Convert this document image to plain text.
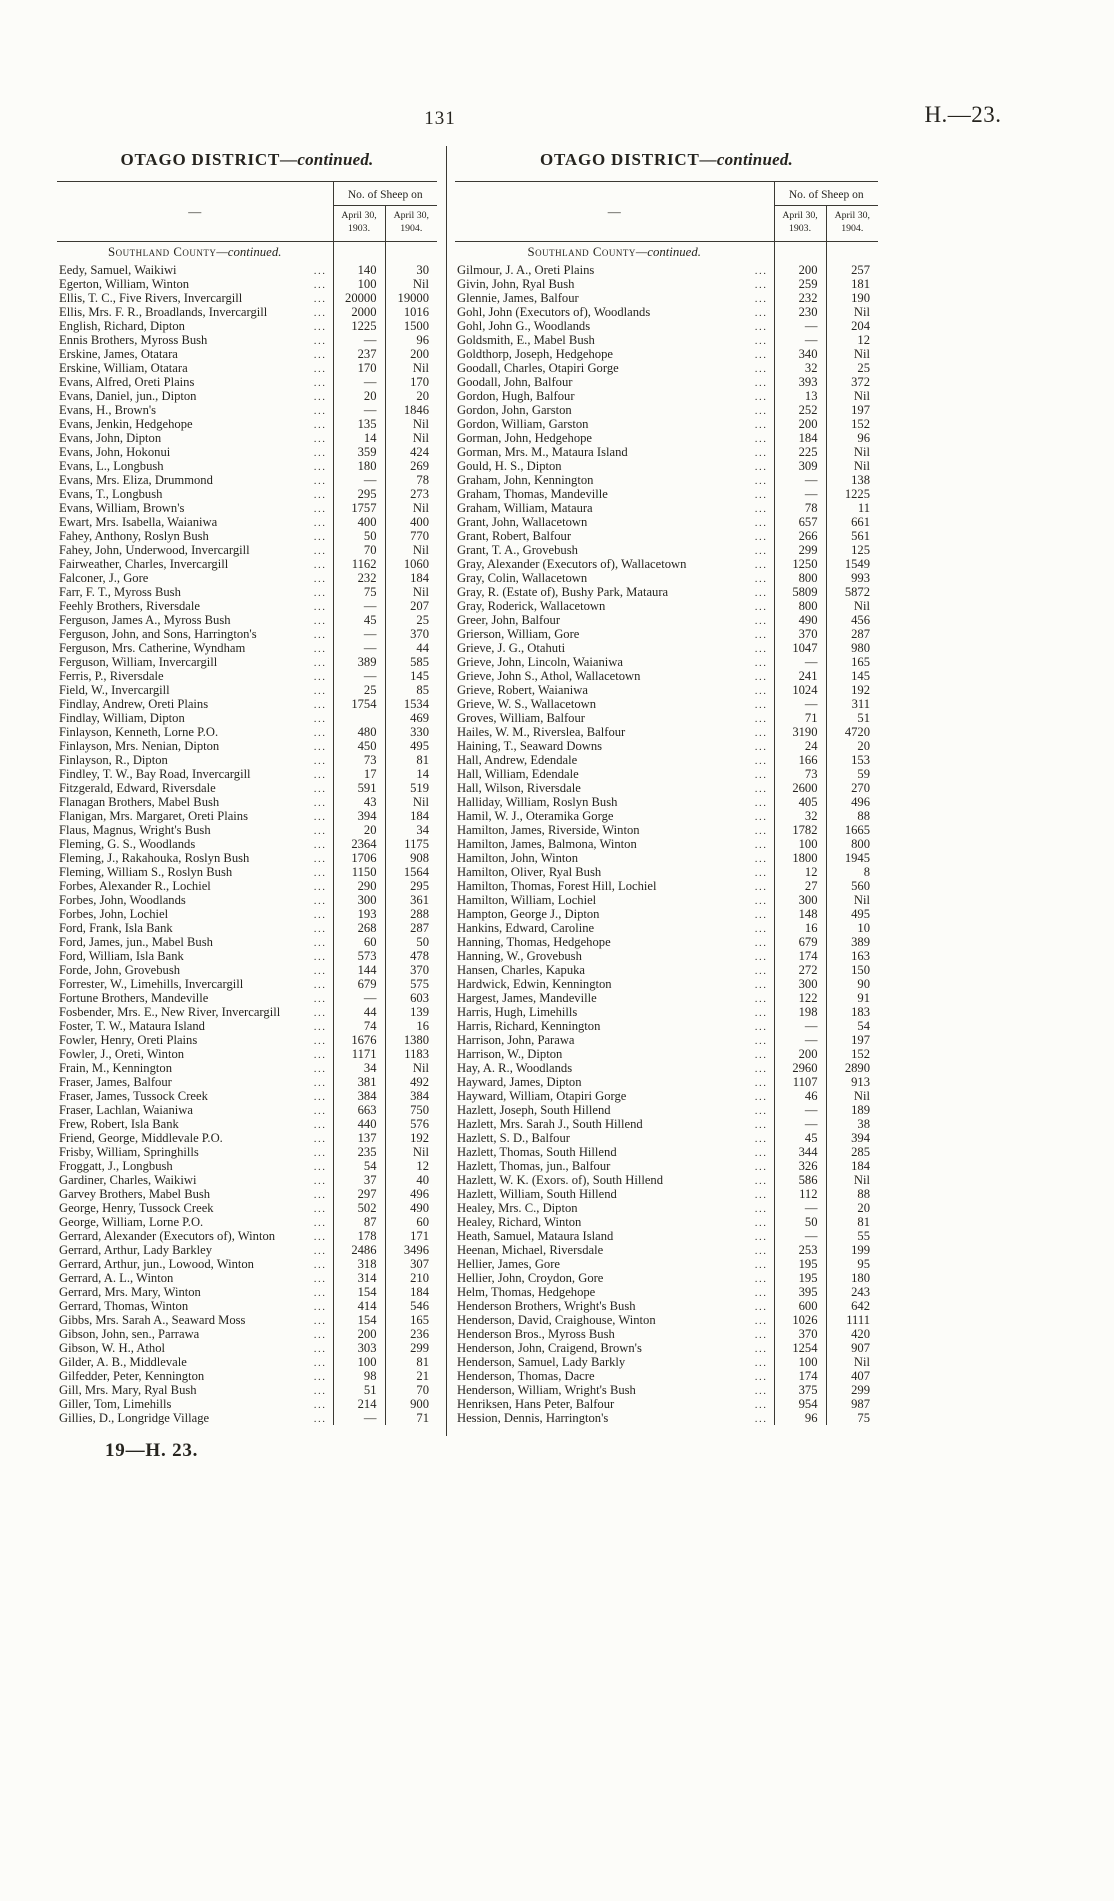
131	H.—23.
OTAGO DISTRICT—continued.
—	No. of Sheep on	
	April 30, 1903.	April 30, 1904.
Southland County—continued.		
Eedy, Samuel, Waikiwi
...	140	30
Egerton, William, Winton
...	100	Nil
Ellis, T. C., Five Rivers, Invercargill
...	20000	19000
Ellis, Mrs. F. R., Broadlands, Invercargill
...	2000	1016
English, Richard, Dipton
...	1225	1500
Ennis Brothers, Myross Bush
...	—	96
Erskine, James, Otatara
...	237	200
Erskine, William, Otatara
...	170	Nil
Evans, Alfred, Oreti Plains
...	—	170
Evans, Daniel, jun., Dipton
...	20	20
Evans, H., Brown's
...	—	1846
Evans, Jenkin, Hedgehope
...	135	Nil
Evans, John, Dipton
...	14	Nil
Evans, John, Hokonui
...	359	424
Evans, L., Longbush
...	180	269
Evans, Mrs. Eliza, Drummond
...	—	78
Evans, T., Longbush
...	295	273
Evans, William, Brown's
...	1757	Nil
Ewart, Mrs. Isabella, Waianiwa
...	400	400
Fahey, Anthony, Roslyn Bush
...	50	770
Fahey, John, Underwood, Invercargill
...	70	Nil
Fairweather, Charles, Invercargill
...	1162	1060
Falconer, J., Gore
...	232	184
Farr, F. T., Myross Bush
...	75	Nil
Feehly Brothers, Riversdale
...	—	207
Ferguson, James A., Myross Bush
...	45	25
Ferguson, John, and Sons, Harrington's
...	—	370
Ferguson, Mrs. Catherine, Wyndham
...	—	44
Ferguson, William, Invercargill
...	389	585
Ferris, P., Riversdale
...	—	145
Field, W., Invercargill
...	25	85
Findlay, Andrew, Oreti Plains
...	1754	1534
Findlay, William, Dipton
...		469
Finlayson, Kenneth, Lorne P.O.
...	480	330
Finlayson, Mrs. Nenian, Dipton
...	450	495
Finlayson, R., Dipton
...	73	81
Findley, T. W., Bay Road, Invercargill
...	17	14
Fitzgerald, Edward, Riversdale
...	591	519
Flanagan Brothers, Mabel Bush
...	43	Nil
Flanigan, Mrs. Margaret, Oreti Plains
...	394	184
Flaus, Magnus, Wright's Bush
...	20	34
Fleming, G. S., Woodlands
...	2364	1175
Fleming, J., Rakahouka, Roslyn Bush
...	1706	908
Fleming, William S., Roslyn Bush
...	1150	1564
Forbes, Alexander R., Lochiel
...	290	295
Forbes, John, Woodlands
...	300	361
Forbes, John, Lochiel
...	193	288
Ford, Frank, Isla Bank
...	268	287
Ford, James, jun., Mabel Bush
...	60	50
Ford, William, Isla Bank
...	573	478
Forde, John, Grovebush
...	144	370
Forrester, W., Limehills, Invercargill
...	679	575
Fortune Brothers, Mandeville
...	—	603
Fosbender, Mrs. E., New River, Invercargill
...	44	139
Foster, T. W., Mataura Island
...	74	16
Fowler, Henry, Oreti Plains
...	1676	1380
Fowler, J., Oreti, Winton
...	1171	1183
Frain, M., Kennington
...	34	Nil
Fraser, James, Balfour
...	381	492
Fraser, James, Tussock Creek
...	384	384
Fraser, Lachlan, Waianiwa
...	663	750
Frew, Robert, Isla Bank
...	440	576
Friend, George, Middlevale P.O.
...	137	192
Frisby, William, Springhills
...	235	Nil
Froggatt, J., Longbush
...	54	12
Gardiner, Charles, Waikiwi
...	37	40
Garvey Brothers, Mabel Bush
...	297	496
George, Henry, Tussock Creek
...	502	490
George, William, Lorne P.O.
...	87	60
Gerrard, Alexander (Executors of), Winton
...	178	171
Gerrard, Arthur, Lady Barkley
...	2486	3496
Gerrard, Arthur, jun., Lowood, Winton
...	318	307
Gerrard, A. L., Winton
...	314	210
Gerrard, Mrs. Mary, Winton
...	154	184
Gerrard, Thomas, Winton
...	414	546
Gibbs, Mrs. Sarah A., Seaward Moss
...	154	165
Gibson, John, sen., Parrawa
...	200	236
Gibson, W. H., Athol
...	303	299
Gilder, A. B., Middlevale
...	100	81
Gilfedder, Peter, Kennington
...	98	21
Gill, Mrs. Mary, Ryal Bush
...	51	70
Giller, Tom, Limehills
...	214	900
Gillies, D., Longridge Village
...	—	71
OTAGO DISTRICT—continued.
—	No. of Sheep on	
	April 30, 1903.	April 30, 1904.
Southland County—continued.		
Gilmour, J. A., Oreti Plains
...	200	257
Givin, John, Ryal Bush
...	259	181
Glennie, James, Balfour
...	232	190
Gohl, John (Executors of), Woodlands
...	230	Nil
Gohl, John G., Woodlands
...	—	204
Goldsmith, E., Mabel Bush
...	—	12
Goldthorp, Joseph, Hedgehope
...	340	Nil
Goodall, Charles, Otapiri Gorge
...	32	25
Goodall, John, Balfour
...	393	372
Gordon, Hugh, Balfour
...	13	Nil
Gordon, John, Garston
...	252	197
Gordon, William, Garston
...	200	152
Gorman, John, Hedgehope
...	184	96
Gorman, Mrs. M., Mataura Island
...	225	Nil
Gould, H. S., Dipton
...	309	Nil
Graham, John, Kennington
...	—	138
Graham, Thomas, Mandeville
...	—	1225
Graham, William, Mataura
...	78	11
Grant, John, Wallacetown
...	657	661
Grant, Robert, Balfour
...	266	561
Grant, T. A., Grovebush
...	299	125
Gray, Alexander (Executors of), Wallacetown
...	1250	1549
Gray, Colin, Wallacetown
...	800	993
Gray, R. (Estate of), Bushy Park, Mataura
...	5809	5872
Gray, Roderick, Wallacetown
...	800	Nil
Greer, John, Balfour
...	490	456
Grierson, William, Gore
...	370	287
Grieve, J. G., Otahuti
...	1047	980
Grieve, John, Lincoln, Waianiwa
...	—	165
Grieve, John S., Athol, Wallacetown
...	241	145
Grieve, Robert, Waianiwa
...	1024	192
Grieve, W. S., Wallacetown
...	—	311
Groves, William, Balfour
...	71	51
Hailes, W. M., Riverslea, Balfour
...	3190	4720
Haining, T., Seaward Downs
...	24	20
Hall, Andrew, Edendale
...	166	153
Hall, William, Edendale
...	73	59
Hall, Wilson, Riversdale
...	2600	270
Halliday, William, Roslyn Bush
...	405	496
Hamil, W. J., Oteramika Gorge
...	32	88
Hamilton, James, Riverside, Winton
...	1782	1665
Hamilton, James, Balmona, Winton
...	100	800
Hamilton, John, Winton
...	1800	1945
Hamilton, Oliver, Ryal Bush
...	12	8
Hamilton, Thomas, Forest Hill, Lochiel
...	27	560
Hamilton, William, Lochiel
...	300	Nil
Hampton, George J., Dipton
...	148	495
Hankins, Edward, Caroline
...	16	10
Hanning, Thomas, Hedgehope
...	679	389
Hanning, W., Grovebush
...	174	163
Hansen, Charles, Kapuka
...	272	150
Hardwick, Edwin, Kennington
...	300	90
Hargest, James, Mandeville
...	122	91
Harris, Hugh, Limehills
...	198	183
Harris, Richard, Kennington
...	—	54
Harrison, John, Parawa
...	—	197
Harrison, W., Dipton
...	200	152
Hay, A. R., Woodlands
...	2960	2890
Hayward, James, Dipton
...	1107	913
Hayward, William, Otapiri Gorge
...	46	Nil
Hazlett, Joseph, South Hillend
...	—	189
Hazlett, Mrs. Sarah J., South Hillend
...	—	38
Hazlett, S. D., Balfour
...	45	394
Hazlett, Thomas, South Hillend
...	344	285
Hazlett, Thomas, jun., Balfour
...	326	184
Hazlett, W. K. (Exors. of), South Hillend
...	586	Nil
Hazlett, William, South Hillend
...	112	88
Healey, Mrs. C., Dipton
...	—	20
Healey, Richard, Winton
...	50	81
Heath, Samuel, Mataura Island
...	—	55
Heenan, Michael, Riversdale
...	253	199
Hellier, James, Gore
...	195	95
Hellier, John, Croydon, Gore
...	195	180
Helm, Thomas, Hedgehope
...	395	243
Henderson Brothers, Wright's Bush
...	600	642
Henderson, David, Craighouse, Winton
...	1026	1111
Henderson Bros., Myross Bush
...	370	420
Henderson, John, Craigend, Brown's
...	1254	907
Henderson, Samuel, Lady Barkly
...	100	Nil
Henderson, Thomas, Dacre
...	174	407
Henderson, William, Wright's Bush
...	375	299
Henriksen, Hans Peter, Balfour
...	954	987
Hession, Dennis, Harrington's
...	96	75
19—H. 23.
